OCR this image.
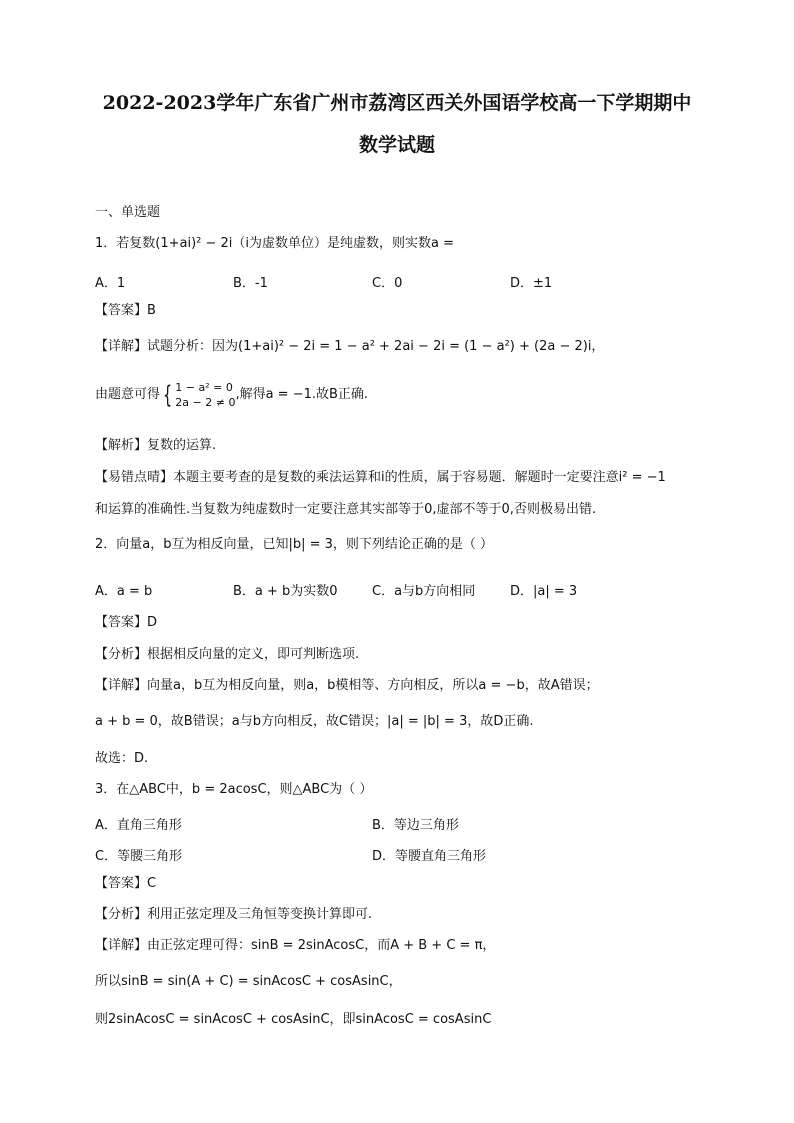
2022-2023学年广东省广州市荔湾区西关外国语学校高一下学期期中
数学试题
一、单选题
1．若复数(1+ai)² − 2i（i为虚数单位）是纯虚数，则实数a =
A．1	B．-1	C．0	D．±1
【答案】B
【详解】试题分析：因为(1+ai)² − 2i = 1 − a² + 2ai − 2i = (1 − a²) + (2a − 2)i，
由题意可得 { 1 − a² = 0
2a − 2 ≠ 0
,解得a = −1.故B正确.
【解析】复数的运算.
【易错点晴】本题主要考查的是复数的乘法运算和i的性质，属于容易题．解题时一定要注意i² = −1
和运算的准确性.当复数为纯虚数时一定要注意其实部等于0,虚部不等于0,否则极易出错.
2．向量a，b互为相反向量，已知|b| = 3，则下列结论正确的是（ ）
A．a = b	B．a + b为实数0	C．a与b方向相同	D．|a| = 3
【答案】D
【分析】根据相反向量的定义，即可判断选项.
【详解】向量a，b互为相反向量，则a，b模相等、方向相反，所以a = −b，故A错误；
a + b = 0，故B错误；a与b方向相反，故C错误；|a| = |b| = 3，故D正确.
故选：D.
3．在△ABC中，b = 2acosC，则△ABC为（ ）
A．直角三角形	B．等边三角形
C．等腰三角形	D．等腰直角三角形
【答案】C
【分析】利用正弦定理及三角恒等变换计算即可.
【详解】由正弦定理可得：sinB = 2sinAcosC，而A + B + C = π，
所以sinB = sin(A + C) = sinAcosC + cosAsinC，
则2sinAcosC = sinAcosC + cosAsinC，即sinAcosC = cosAsinC
